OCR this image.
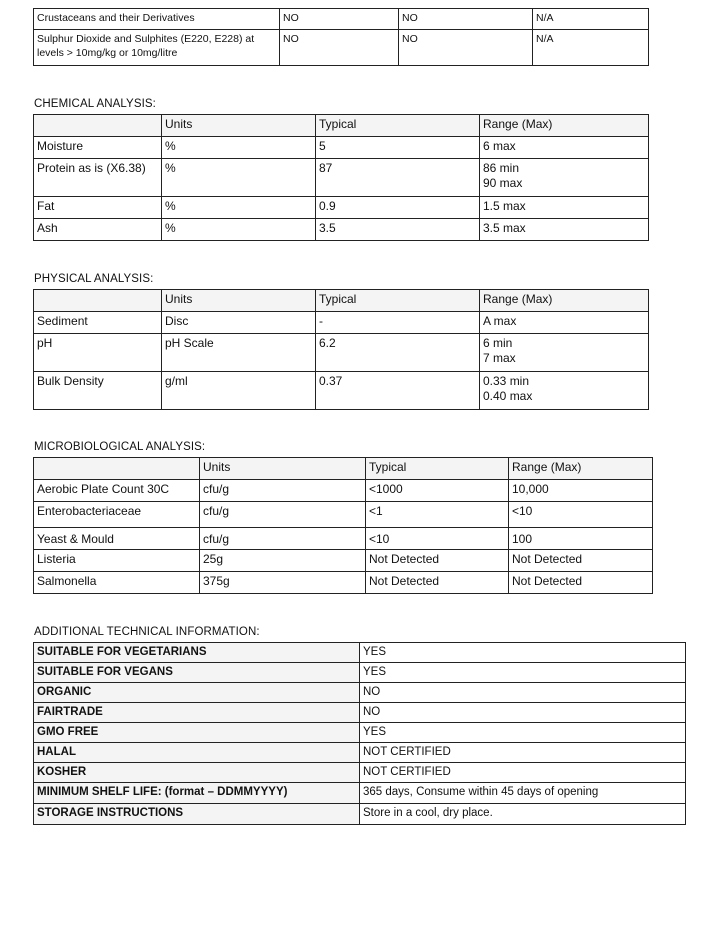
Crustaceans and their Derivatives	NO	NO	N/A
Sulphur Dioxide and Sulphites (E220, E228) at levels > 10mg/kg or 10mg/litre	NO	NO	N/A
CHEMICAL ANALYSIS:
	Units	Typical	Range (Max)
Moisture	%	5	6 max
Protein as is (X6.38)	%	87	86 min
90 max
Fat	%	0.9	1.5 max
Ash	%	3.5	3.5 max
PHYSICAL ANALYSIS:
	Units	Typical	Range (Max)
Sediment	Disc	-	A max
pH	pH Scale	6.2	6 min
7 max
Bulk Density	g/ml	0.37	0.33 min
0.40 max
MICROBIOLOGICAL ANALYSIS:
	Units	Typical	Range (Max)
Aerobic Plate Count 30C	cfu/g	<1000	10,000
Enterobacteriaceae	cfu/g	<1	<10
Yeast & Mould	cfu/g	<10	100
Listeria	25g	Not Detected	Not Detected
Salmonella	375g	Not Detected	Not Detected
ADDITIONAL TECHNICAL INFORMATION:
SUITABLE FOR VEGETARIANS	YES
SUITABLE FOR VEGANS	YES
ORGANIC	NO
FAIRTRADE	NO
GMO FREE	YES
HALAL	NOT CERTIFIED
KOSHER	NOT CERTIFIED
MINIMUM SHELF LIFE: (format – DDMMYYYY)	365 days, Consume within 45 days of opening
STORAGE INSTRUCTIONS	Store in a cool, dry place.
